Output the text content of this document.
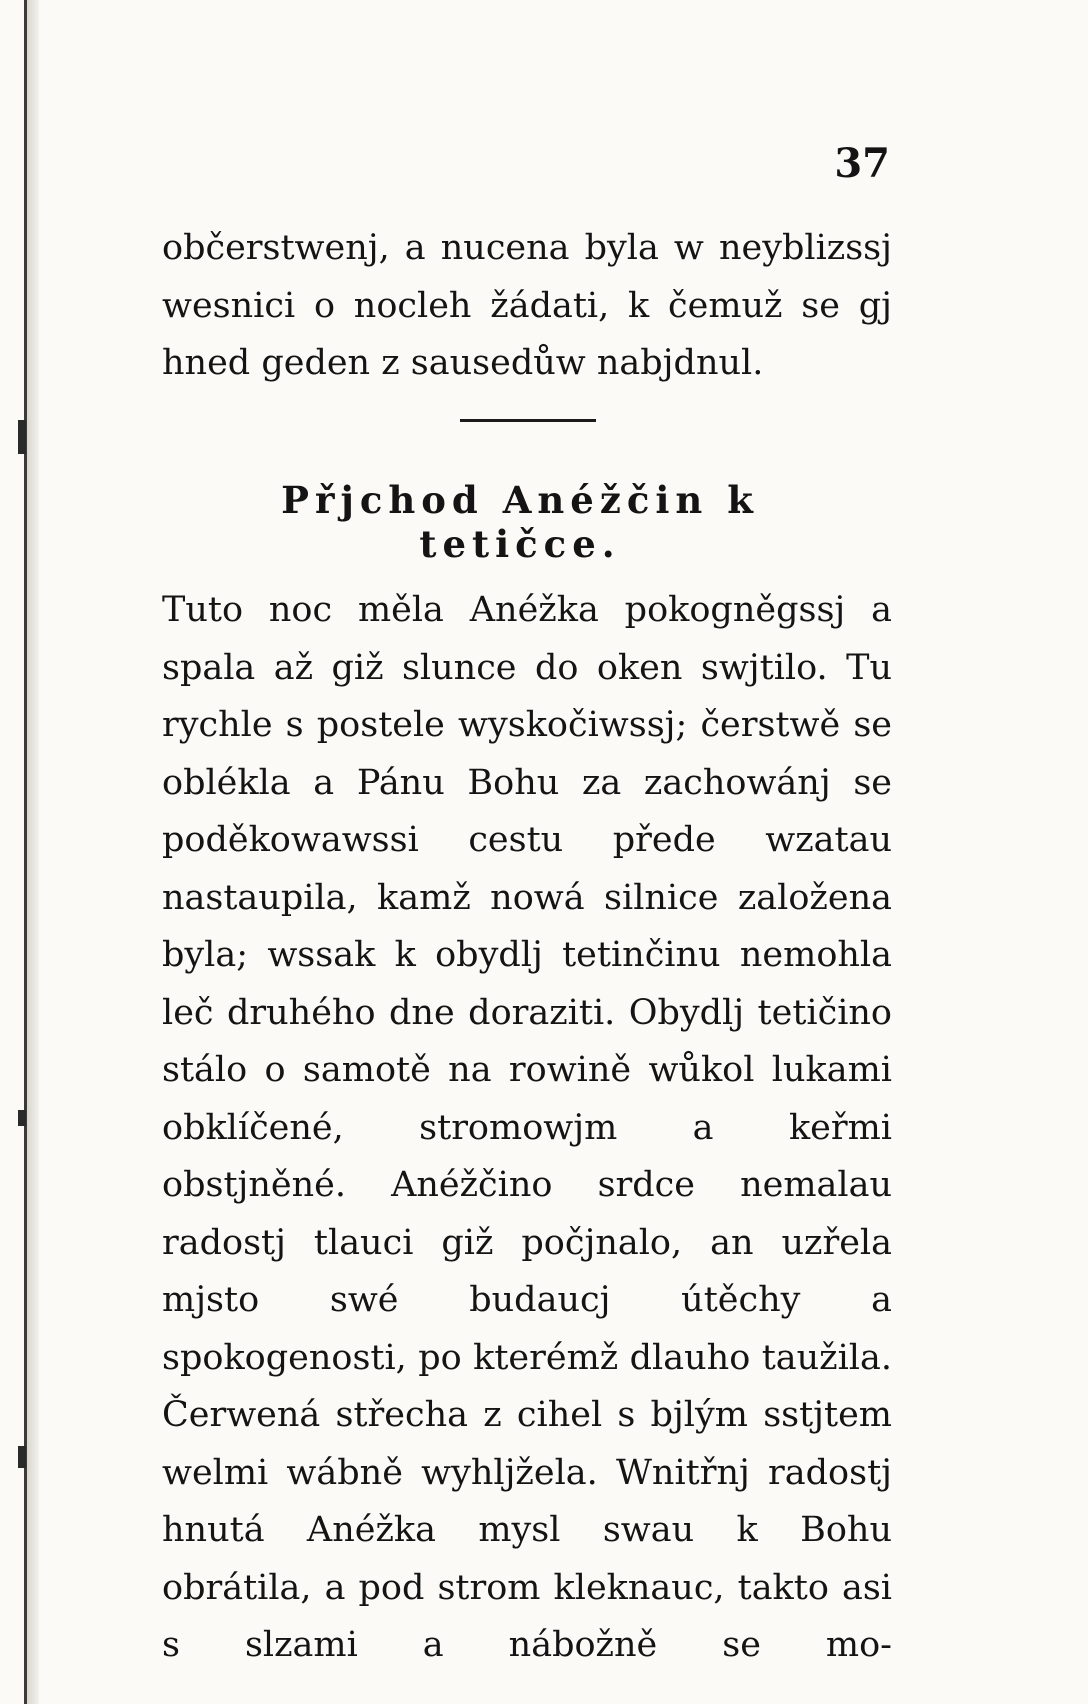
37

občerstwenj, a nucena byla w neyblizssj wesnici o nocleh žádati, k čemuž se gj hned geden z sausedůw nabjdnul.

Přjchod Anéžčin k tetičce.

Tuto noc měla Anéžka pokogněgssj a spala až giž slunce do oken swjtilo. Tu rychle s postele wyskočiwssj; čerstwě se oblékla a Pánu Bohu za zachowánj se poděkowawssi cestu přede wzatau nastaupila, kamž nowá silnice založena byla; wssak k obydlj tetinčinu nemohla leč druhého dne doraziti. Obydlj tetičino stálo o samotě na rowině wůkol lukami obklíčené, stromowjm a keřmi obstjněné. Anéžčino srdce nemalau radostj tlauci giž počjnalo, an uzřela mjsto swé budaucj útěchy a spokogenosti, po kterémž dlauho taužila. Čerwená střecha z cihel s bjlým sstjtem welmi wábně wyhljžela. Wnitřnj radostj hnutá Anéžka mysl swau k Bohu obrátila, a pod strom kleknauc, takto asi s slzami a nábožně se mo-
